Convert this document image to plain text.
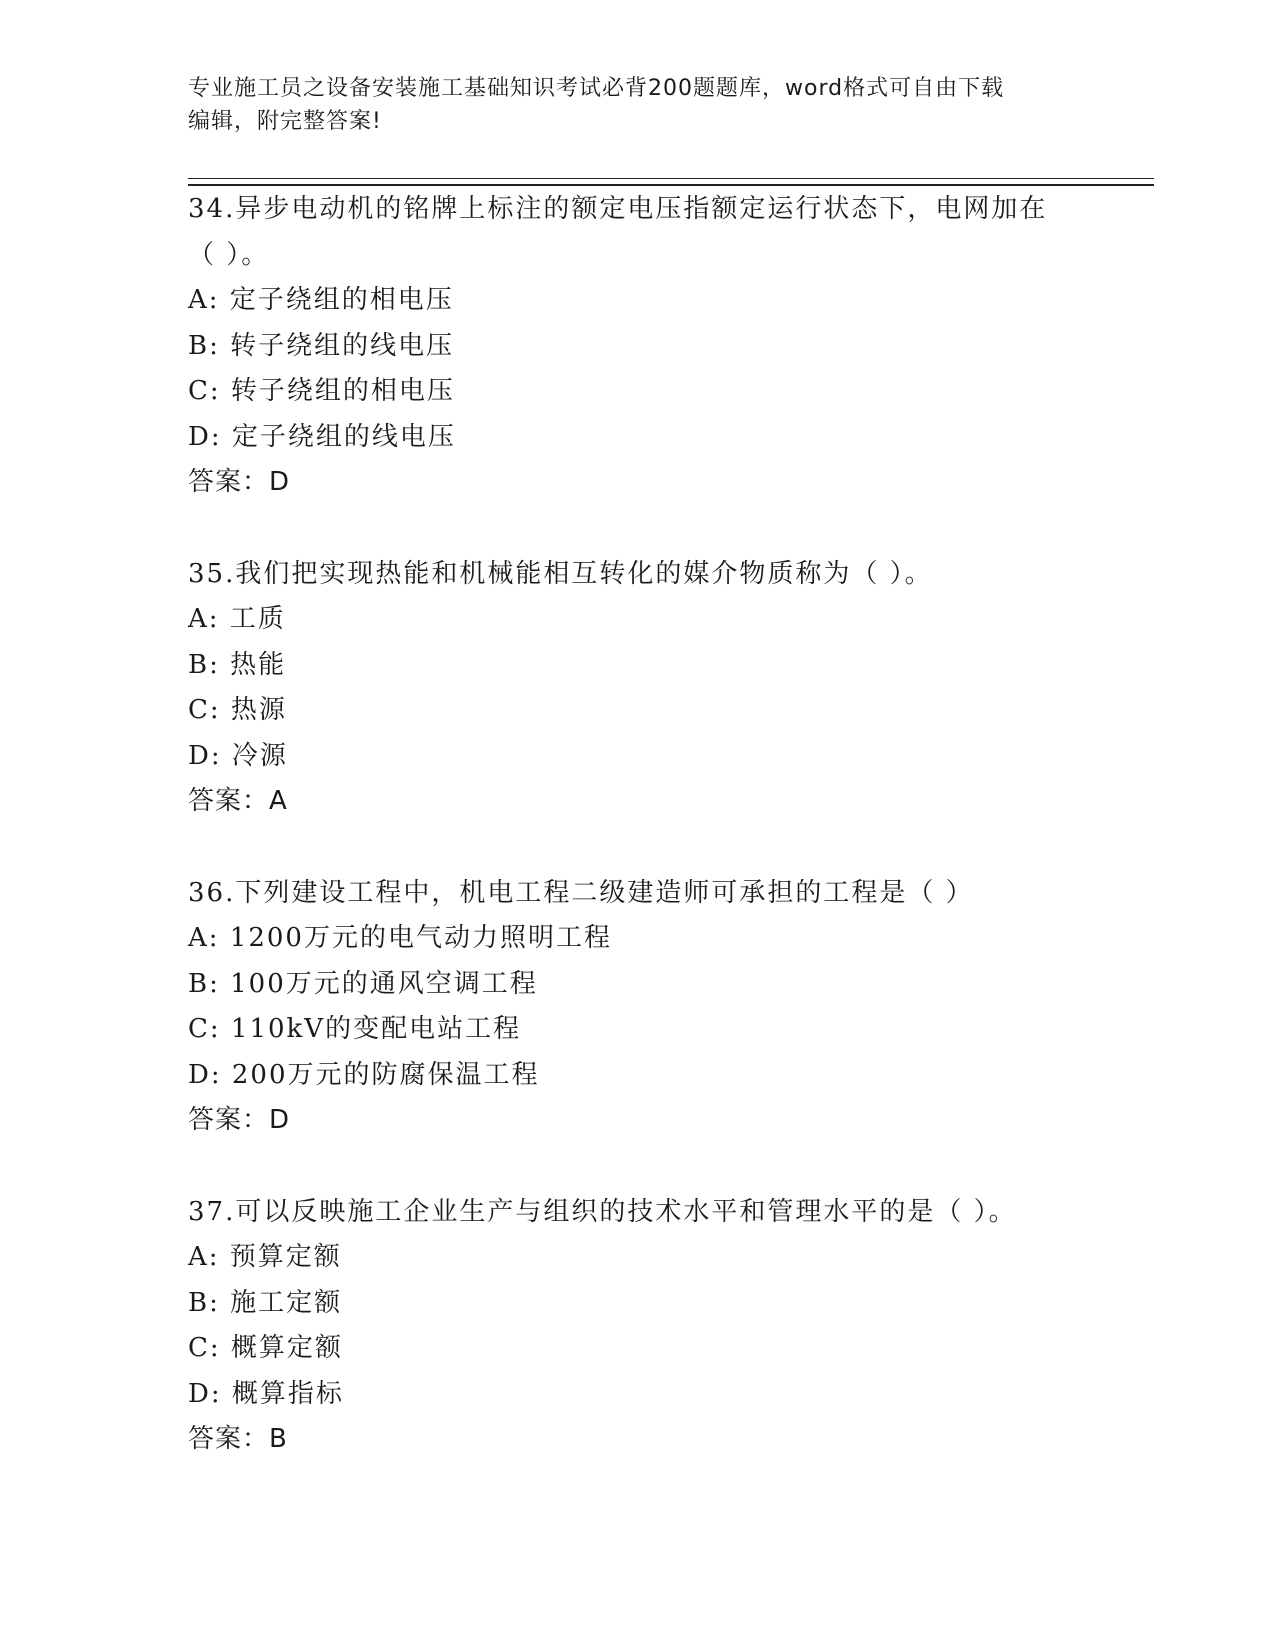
专业施工员之设备安装施工基础知识考试必背200题题库，word格式可自由下载
编辑，附完整答案!
34.异步电动机的铭牌上标注的额定电压指额定运行状态下，电网加在
（ ）。
A: 定子绕组的相电压
B: 转子绕组的线电压
C: 转子绕组的相电压
D: 定子绕组的线电压
答案：D
35.我们把实现热能和机械能相互转化的媒介物质称为（ ）。
A: 工质
B: 热能
C: 热源
D: 冷源
答案：A
36.下列建设工程中，机电工程二级建造师可承担的工程是（ ）
A: 1200万元的电气动力照明工程
B: 100万元的通风空调工程
C: 110kV的变配电站工程
D: 200万元的防腐保温工程
答案：D
37.可以反映施工企业生产与组织的技术水平和管理水平的是（ ）。
A: 预算定额
B: 施工定额
C: 概算定额
D: 概算指标
答案：B
